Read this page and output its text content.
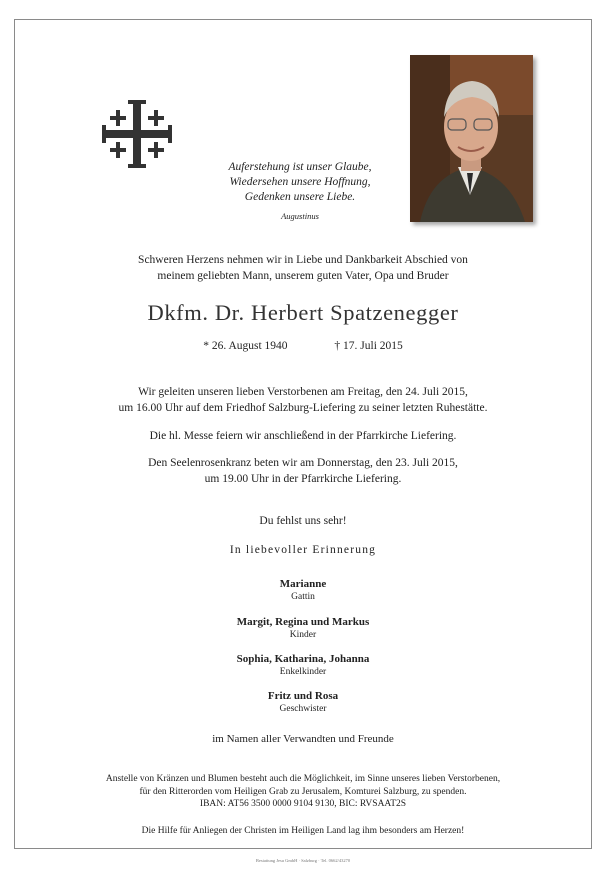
Auferstehung ist unser Glaube,
Wiedersehen unsere Hoffnung,
Gedenken unsere Liebe.
Augustinus
Schweren Herzens nehmen wir in Liebe und Dankbarkeit Abschied von
meinem geliebten Mann, unserem guten Vater, Opa und Bruder
Dkfm. Dr. Herbert Spatzenegger
* 26. August 1940	† 17. Juli 2015
Wir geleiten unseren lieben Verstorbenen am Freitag, den 24. Juli 2015,
um 16.00 Uhr auf dem Friedhof Salzburg-Liefering zu seiner letzten Ruhestätte.
Die hl. Messe feiern wir anschließend in der Pfarrkirche Liefering.
Den Seelenrosenkranz beten wir am Donnerstag, den 23. Juli 2015,
um 19.00 Uhr in der Pfarrkirche Liefering.
Du fehlst uns sehr!
In liebevoller Erinnerung
Marianne
Gattin
Margit, Regina und Markus
Kinder
Sophia, Katharina, Johanna
Enkelkinder
Fritz und Rosa
Geschwister
im Namen aller Verwandten und Freunde
Anstelle von Kränzen und Blumen besteht auch die Möglichkeit, im Sinne unseres lieben Verstorbenen,
für den Ritterorden vom Heiligen Grab zu Jerusalem, Komturei Salzburg, zu spenden.
IBAN: AT56 3500 0000 9104 9130, BIC: RVSAAT2S
Die Hilfe für Anliegen der Christen im Heiligen Land lag ihm besonders am Herzen!
Bestattung Jesu GmbH · Salzburg · Tel. 0662/43270
